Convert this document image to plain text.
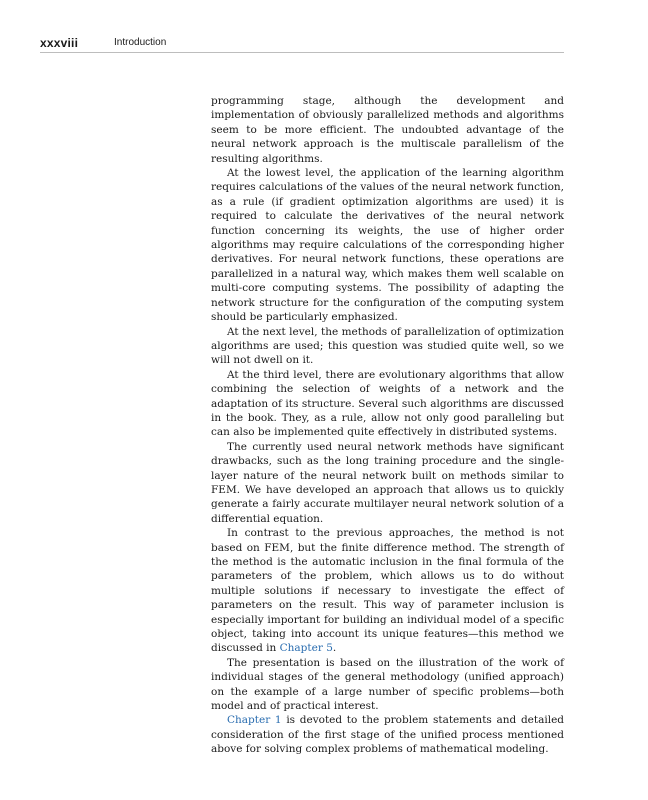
xxxviii	Introduction

programming stage, although the development and implementation of obviously parallelized methods and algorithms seem to be more efficient. The undoubted advantage of the neural network approach is the multiscale parallelism of the resulting algorithms.

At the lowest level, the application of the learning algorithm requires calculations of the values of the neural network function, as a rule (if gradient optimization algorithms are used) it is required to calculate the derivatives of the neural network function concerning its weights, the use of higher order algorithms may require calculations of the corresponding higher derivatives. For neural network functions, these operations are parallelized in a natural way, which makes them well scalable on multi-core computing systems. The possibility of adapting the network structure for the configuration of the computing system should be particularly emphasized.

At the next level, the methods of parallelization of optimization algorithms are used; this question was studied quite well, so we will not dwell on it.

At the third level, there are evolutionary algorithms that allow combining the selection of weights of a network and the adaptation of its structure. Several such algorithms are discussed in the book. They, as a rule, allow not only good paralleling but can also be implemented quite effectively in distributed systems.

The currently used neural network methods have significant drawbacks, such as the long training procedure and the single-layer nature of the neural network built on methods similar to FEM. We have developed an approach that allows us to quickly generate a fairly accurate multilayer neural network solution of a differential equation.

In contrast to the previous approaches, the method is not based on FEM, but the finite difference method. The strength of the method is the automatic inclusion in the final formula of the parameters of the problem, which allows us to do without multiple solutions if necessary to investigate the effect of parameters on the result. This way of parameter inclusion is especially important for building an individual model of a specific object, taking into account its unique features—this method we discussed in Chapter 5.

The presentation is based on the illustration of the work of individual stages of the general methodology (unified approach) on the example of a large number of specific problems—both model and of practical interest.

Chapter 1 is devoted to the problem statements and detailed consideration of the first stage of the unified process mentioned above for solving complex problems of mathematical modeling.
